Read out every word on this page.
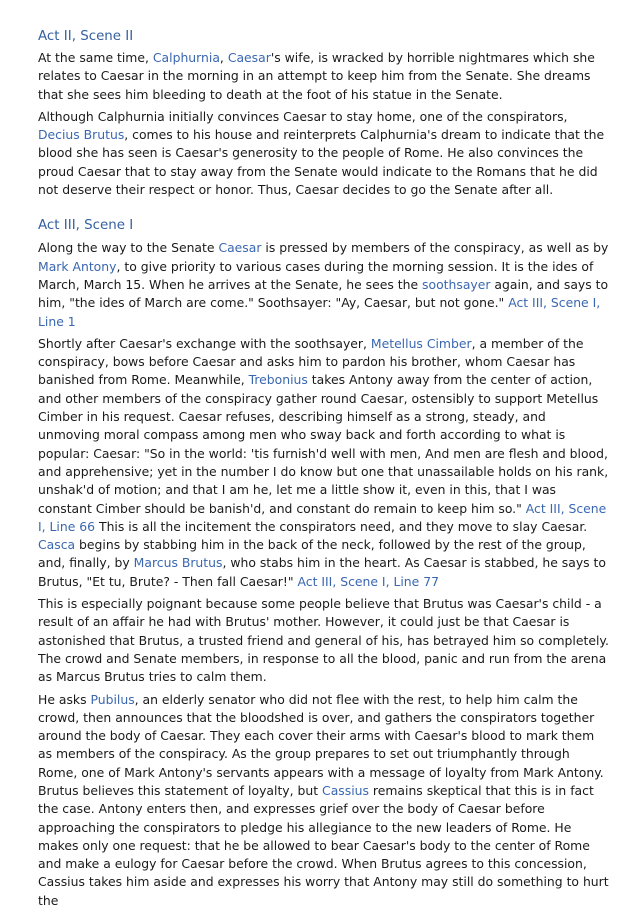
Act II, Scene II

At the same time, Calphurnia, Caesar's wife, is wracked by horrible nightmares which she relates to Caesar in the morning in an attempt to keep him from the Senate. She dreams that she sees him bleeding to death at the foot of his statue in the Senate.

Although Calphurnia initially convinces Caesar to stay home, one of the conspirators, Decius Brutus, comes to his house and reinterprets Calphurnia's dream to indicate that the blood she has seen is Caesar's generosity to the people of Rome. He also convinces the proud Caesar that to stay away from the Senate would indicate to the Romans that he did not deserve their respect or honor. Thus, Caesar decides to go the Senate after all.

Act III, Scene I

Along the way to the Senate Caesar is pressed by members of the conspiracy, as well as by Mark Antony, to give priority to various cases during the morning session. It is the ides of March, March 15. When he arrives at the Senate, he sees the soothsayer again, and says to him, "the ides of March are come." Soothsayer: "Ay, Caesar, but not gone." Act III, Scene I, Line 1

Shortly after Caesar's exchange with the soothsayer, Metellus Cimber, a member of the conspiracy, bows before Caesar and asks him to pardon his brother, whom Caesar has banished from Rome. Meanwhile, Trebonius takes Antony away from the center of action, and other members of the conspiracy gather round Caesar, ostensibly to support Metellus Cimber in his request. Caesar refuses, describing himself as a strong, steady, and unmoving moral compass among men who sway back and forth according to what is popular: Caesar: "So in the world: 'tis furnish'd well with men, And men are flesh and blood, and apprehensive; yet in the number I do know but one that unassailable holds on his rank, unshak'd of motion; and that I am he, let me a little show it, even in this, that I was constant Cimber should be banish'd, and constant do remain to keep him so." Act III, Scene I, Line 66 This is all the incitement the conspirators need, and they move to slay Caesar. Casca begins by stabbing him in the back of the neck, followed by the rest of the group, and, finally, by Marcus Brutus, who stabs him in the heart. As Caesar is stabbed, he says to Brutus, "Et tu, Brute? - Then fall Caesar!" Act III, Scene I, Line 77

This is especially poignant because some people believe that Brutus was Caesar's child - a result of an affair he had with Brutus' mother. However, it could just be that Caesar is astonished that Brutus, a trusted friend and general of his, has betrayed him so completely. The crowd and Senate members, in response to all the blood, panic and run from the arena as Marcus Brutus tries to calm them.

He asks Pubilus, an elderly senator who did not flee with the rest, to help him calm the crowd, then announces that the bloodshed is over, and gathers the conspirators together around the body of Caesar. They each cover their arms with Caesar's blood to mark them as members of the conspiracy. As the group prepares to set out triumphantly through Rome, one of Mark Antony's servants appears with a message of loyalty from Mark Antony. Brutus believes this statement of loyalty, but Cassius remains skeptical that this is in fact the case. Antony enters then, and expresses grief over the body of Caesar before approaching the conspirators to pledge his allegiance to the new leaders of Rome. He makes only one request: that he be allowed to bear Caesar's body to the center of Rome and make a eulogy for Caesar before the crowd. When Brutus agrees to this concession, Cassius takes him aside and expresses his worry that Antony may still do something to hurt the
